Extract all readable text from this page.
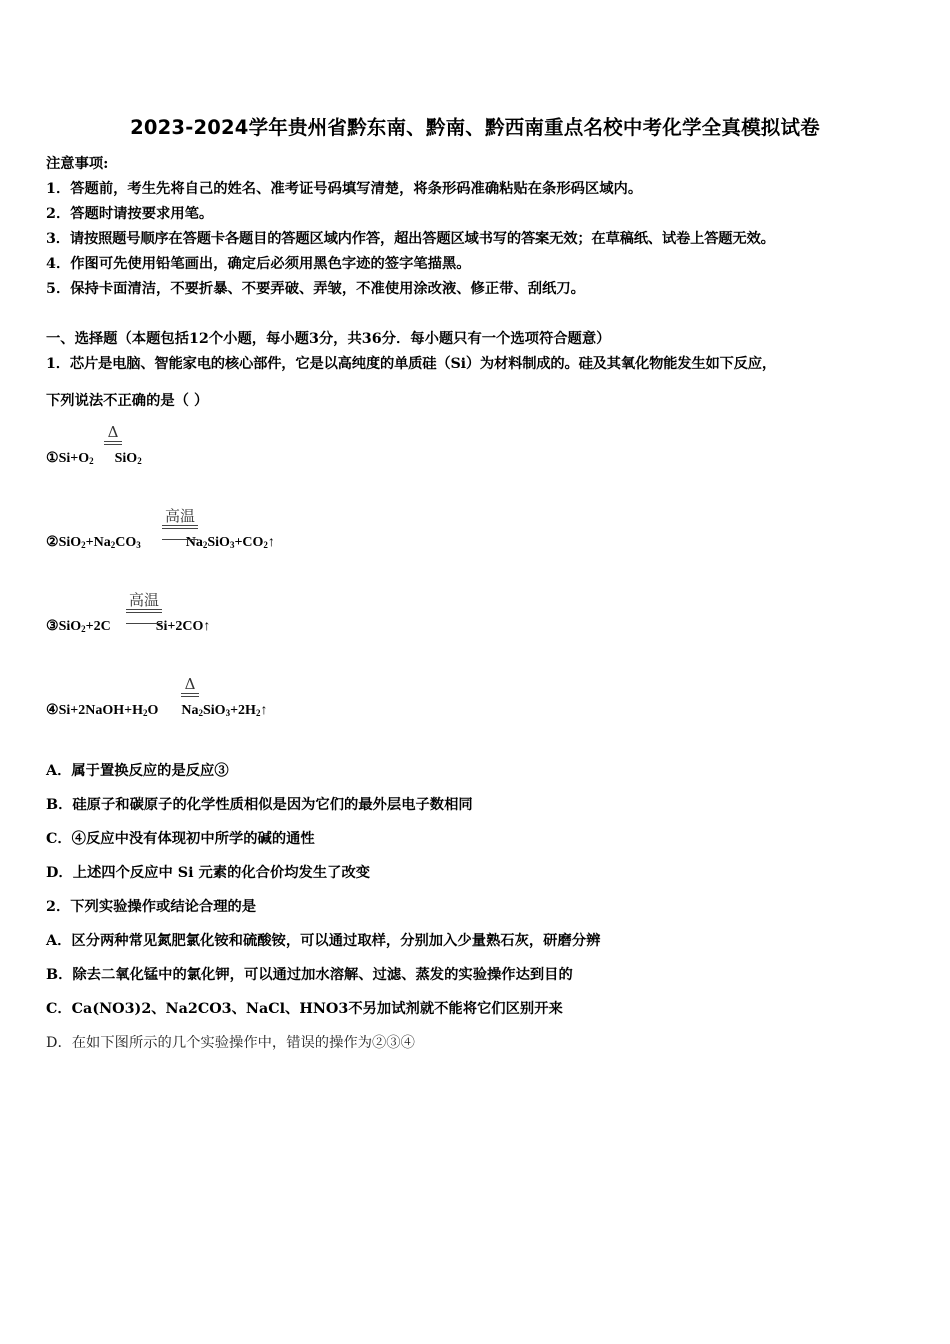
2023-2024学年贵州省黔东南、黔南、黔西南重点名校中考化学全真模拟试卷
注意事项:
1．答题前，考生先将自己的姓名、准考证号码填写清楚，将条形码准确粘贴在条形码区域内。
2．答题时请按要求用笔。
3．请按照题号顺序在答题卡各题目的答题区域内作答，超出答题区域书写的答案无效；在草稿纸、试卷上答题无效。
4．作图可先使用铅笔画出，确定后必须用黑色字迹的签字笔描黑。
5．保持卡面清洁，不要折暴、不要弄破、弄皱，不准使用涂改液、修正带、刮纸刀。
一、选择题（本题包括12个小题，每小题3分，共36分．每小题只有一个选项符合题意）
1．芯片是电脑、智能家电的核心部件，它是以高纯度的单质硅（Si）为材料制成的。硅及其氧化物能发生如下反应，
下列说法不正确的是（ ）
$①Si+O_2$ SiO$_2$
Δ
$②SiO_2+Na_2CO_3$	$Na_2SiO_3+CO_2↑$
高温
③SiO$_2$+2C	Si+2CO↑
高温
$④Si+2NaOH+H_2O$ $Na_2SiO_3+2H_2↑$
Δ
A．属于置换反应的是反应③
B．硅原子和碳原子的化学性质相似是因为它们的最外层电子数相同
C．④反应中没有体现初中所学的碱的通性
D．上述四个反应中 Si 元素的化合价均发生了改变
2．下列实验操作或结论合理的是
A．区分两种常见氮肥氯化铵和硫酸铵，可以通过取样，分别加入少量熟石灰，研磨分辨
B．除去二氧化锰中的氯化钾，可以通过加水溶解、过滤、蒸发的实验操作达到目的
C．Ca(NO3)2、Na2CO3、NaCl、HNO3不另加试剂就不能将它们区别开来
D．在如下图所示的几个实验操作中，错误的操作为②③④
